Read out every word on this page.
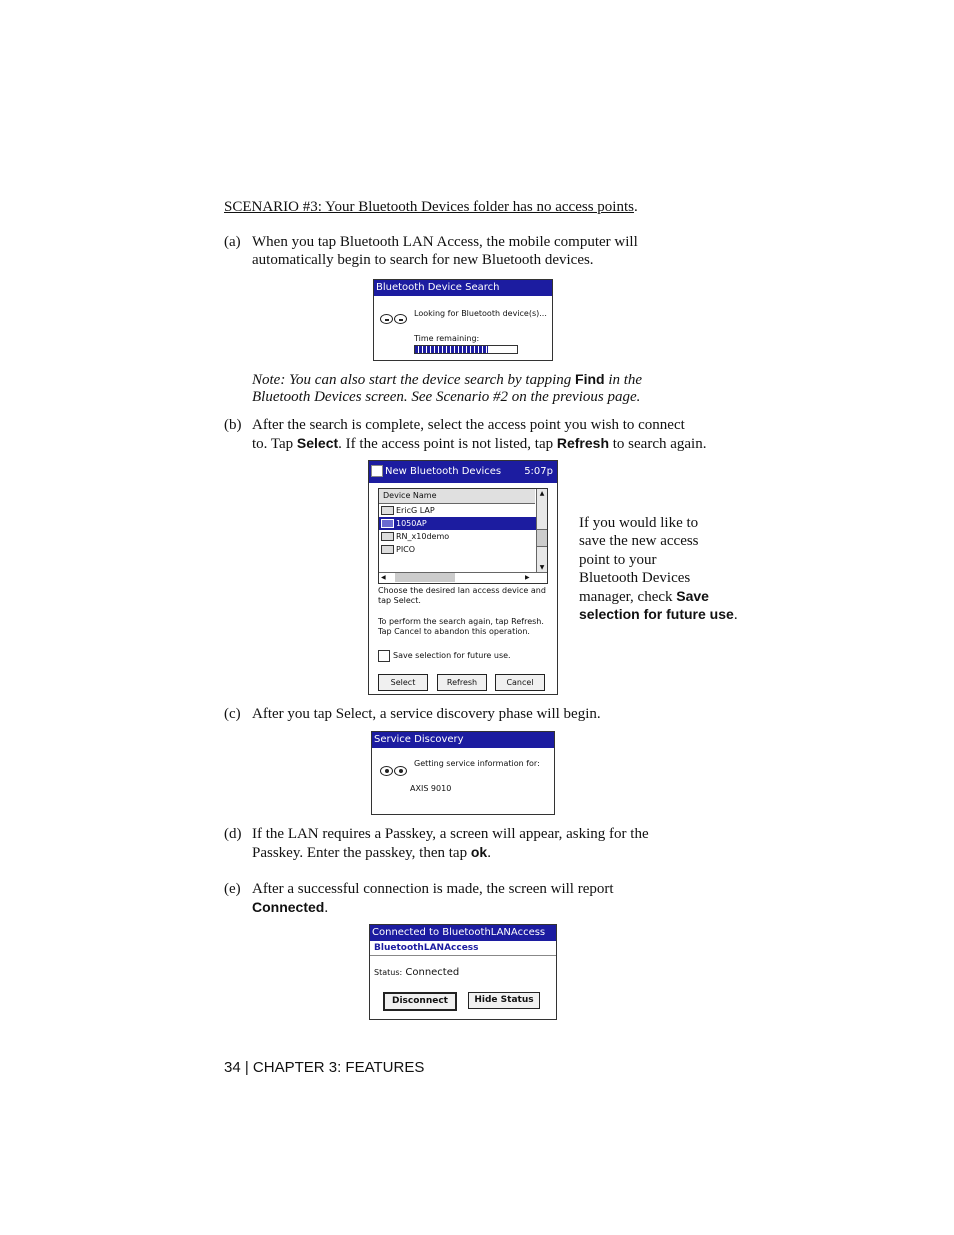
SCENARIO #3: Your Bluetooth Devices folder has no access points.
(a) When you tap Bluetooth LAN Access, the mobile computer will
automatically begin to search for new Bluetooth devices.
Bluetooth Device Search
Looking for Bluetooth device(s)...
Time remaining:
Note: You can also start the device search by tapping Find in the
Bluetooth Devices screen. See Scenario #2 on the previous page.
(b) After the search is complete, select the access point you wish to connect
to. Tap Select. If the access point is not listed, tap Refresh to search again.
New Bluetooth Devices 5:07p
Device Name
EricG LAP
1050AP
RN_x10demo
PICO
▲
▼
◀	▶
Choose the desired lan access device and
tap Select.
To perform the search again, tap Refresh.
Tap Cancel to abandon this operation.
Save selection for future use.
Select	Refresh	Cancel
If you would like to
save the new access
point to your
Bluetooth Devices
manager, check Save
selection for future use.
(c) After you tap Select, a service discovery phase will begin.
Service Discovery
Getting service information for:
AXIS 9010
(d) If the LAN requires a Passkey, a screen will appear, asking for the
Passkey. Enter the passkey, then tap ok.
(e) After a successful connection is made, the screen will report
Connected.
Connected to BluetoothLANAccess
BluetoothLANAccess
Status: Connected
Disconnect	Hide Status
34 | CHAPTER 3: FEATURES
